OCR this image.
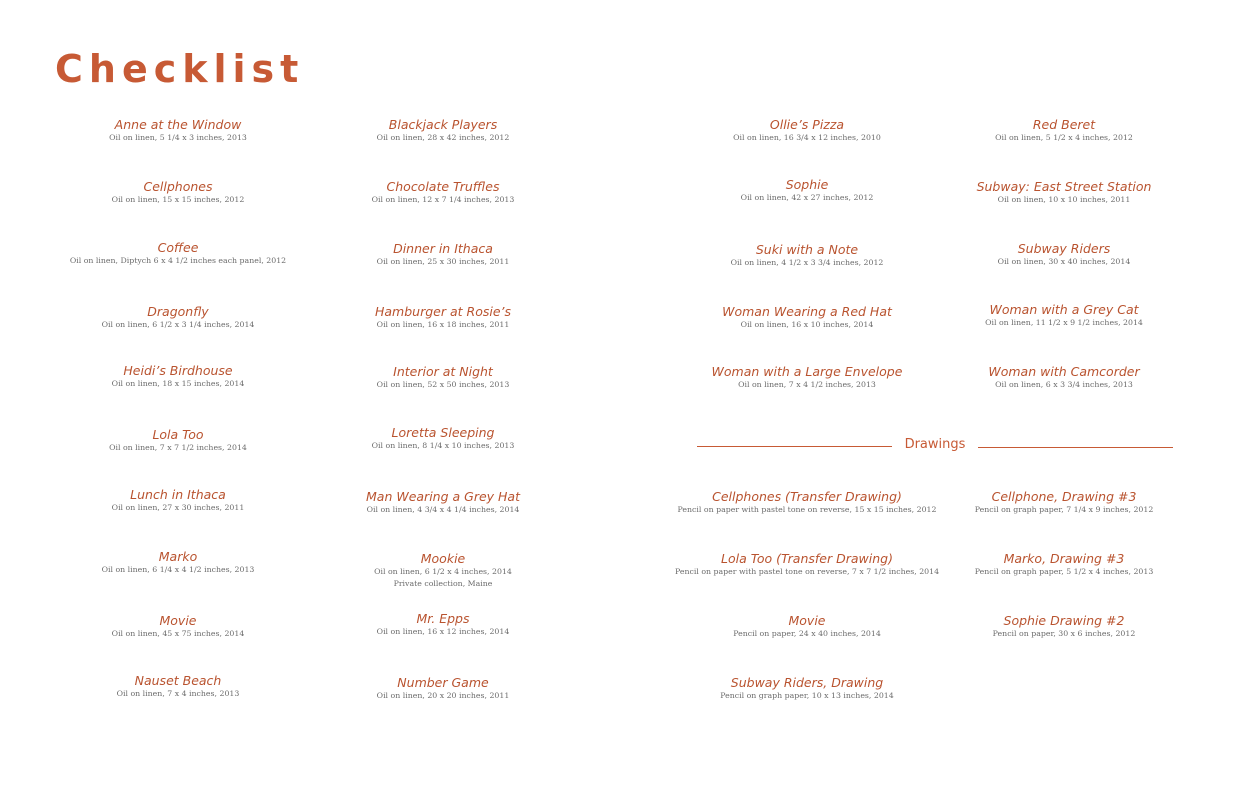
Checklist
Anne at the Window
Oil on linen, 5 1/4 x 3 inches, 2013
Cellphones
Oil on linen, 15 x 15 inches, 2012
Coffee
Oil on linen, Diptych 6 x 4 1/2 inches each panel, 2012
Dragonfly
Oil on linen, 6 1/2 x 3 1/4 inches, 2014
Heidi’s Birdhouse
Oil on linen, 18 x 15 inches, 2014
Lola Too
Oil on linen, 7 x 7 1/2 inches, 2014
Lunch in Ithaca
Oil on linen, 27 x 30 inches, 2011
Marko
Oil on linen, 6 1/4 x 4 1/2 inches, 2013
Movie
Oil on linen, 45 x 75 inches, 2014
Nauset Beach
Oil on linen, 7 x 4 inches, 2013
Blackjack Players
Oil on linen, 28 x 42 inches, 2012
Chocolate Truffles
Oil on linen, 12 x 7 1/4 inches, 2013
Dinner in Ithaca
Oil on linen, 25 x 30 inches, 2011
Hamburger at Rosie’s
Oil on linen, 16 x 18 inches, 2011
Interior at Night
Oil on linen, 52 x 50 inches, 2013
Loretta Sleeping
Oil on linen, 8 1/4 x 10 inches, 2013
Man Wearing a Grey Hat
Oil on linen, 4 3/4 x 4 1/4 inches, 2014
Mookie
Oil on linen, 6 1/2 x 4 inches, 2014
Private collection, Maine
Mr. Epps
Oil on linen, 16 x 12 inches, 2014
Number Game
Oil on linen, 20 x 20 inches, 2011
Ollie’s Pizza
Oil on linen, 16 3/4 x 12 inches, 2010
Sophie
Oil on linen, 42 x 27 inches, 2012
Suki with a Note
Oil on linen, 4 1/2 x 3 3/4 inches, 2012
Woman Wearing a Red Hat
Oil on linen, 16 x 10 inches, 2014
Woman with a Large Envelope
Oil on linen, 7 x 4 1/2 inches, 2013
Red Beret
Oil on linen, 5 1/2 x 4 inches, 2012
Subway: East Street Station
Oil on linen, 10 x 10 inches, 2011
Subway Riders
Oil on linen, 30 x 40 inches, 2014
Woman with a Grey Cat
Oil on linen, 11 1/2 x 9 1/2 inches, 2014
Woman with Camcorder
Oil on linen, 6 x 3 3/4 inches, 2013
Drawings
Cellphones (Transfer Drawing)
Pencil on paper with pastel tone on reverse, 15 x 15 inches, 2012
Lola Too (Transfer Drawing)
Pencil on paper with pastel tone on reverse, 7 x 7 1/2 inches, 2014
Movie
Pencil on paper, 24 x 40 inches, 2014
Subway Riders, Drawing
Pencil on graph paper, 10 x 13 inches, 2014
Cellphone, Drawing #3
Pencil on graph paper, 7 1/4 x 9 inches, 2012
Marko, Drawing #3
Pencil on graph paper, 5 1/2 x 4 inches, 2013
Sophie Drawing #2
Pencil on paper, 30 x 6 inches, 2012
